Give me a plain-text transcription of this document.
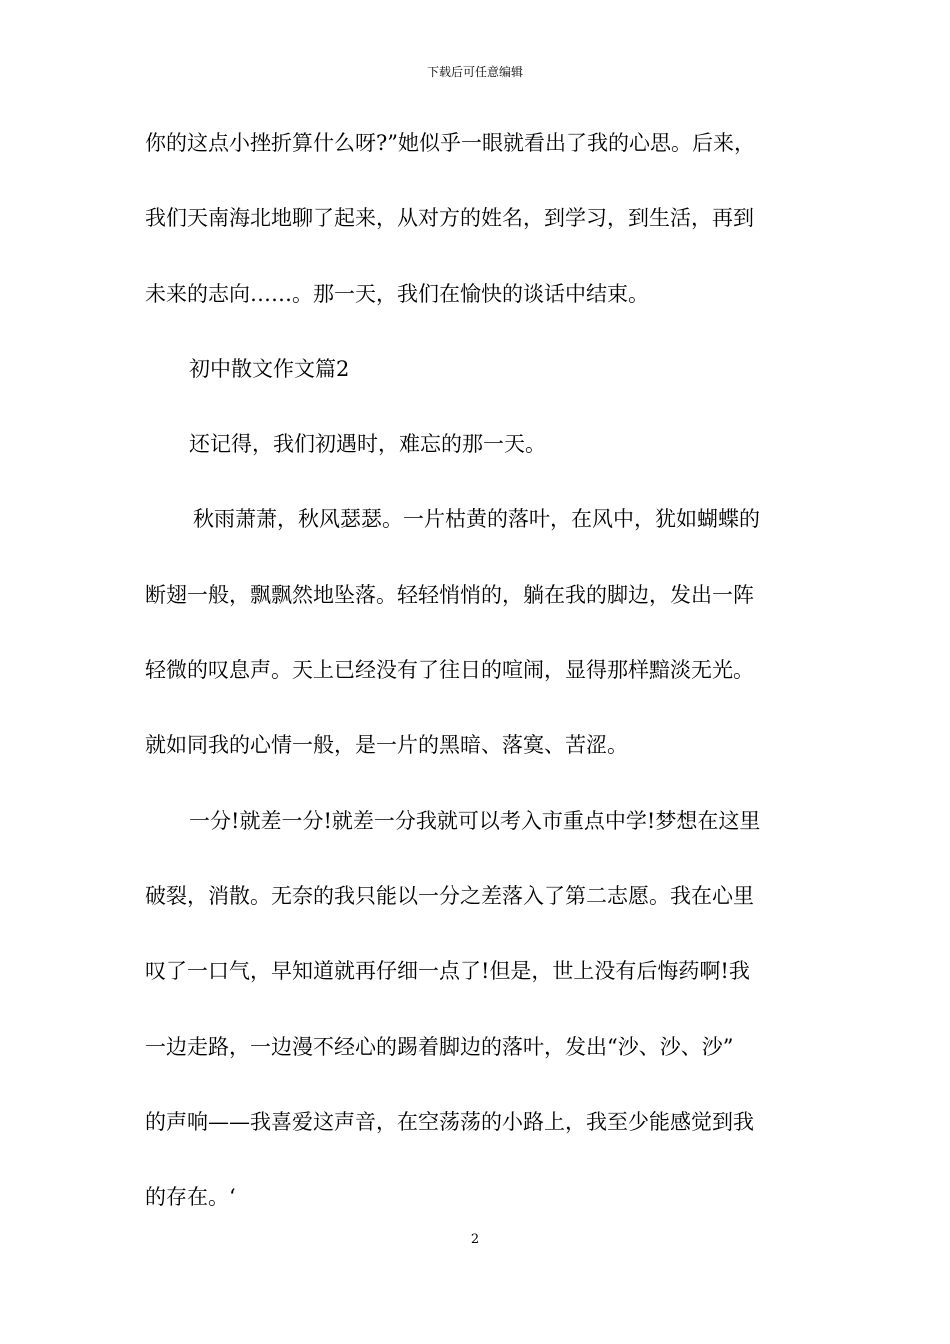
下载后可任意编辑
你的这点小挫折算什么呀?”她似乎一眼就看出了我的心思。后来，
我们天南海北地聊了起来，从对方的姓名，到学习，到生活，再到
未来的志向……。那一天，我们在愉快的谈话中结束。
初中散文作文篇2
还记得，我们初遇时，难忘的那一天。
秋雨萧萧，秋风瑟瑟。一片枯黄的落叶，在风中，犹如蝴蝶的
断翅一般，飘飘然地坠落。轻轻悄悄的，躺在我的脚边，发出一阵
轻微的叹息声。天上已经没有了往日的喧闹，显得那样黯淡无光。
就如同我的心情一般，是一片的黑暗、落寞、苦涩。
一分!就差一分!就差一分我就可以考入市重点中学!梦想在这里
破裂，消散。无奈的我只能以一分之差落入了第二志愿。我在心里
叹了一口气，早知道就再仔细一点了!但是，世上没有后悔药啊!我
一边走路，一边漫不经心的踢着脚边的落叶，发出“沙、沙、沙”
的声响——我喜爱这声音，在空荡荡的小路上，我至少能感觉到我
的存在。‘
2
